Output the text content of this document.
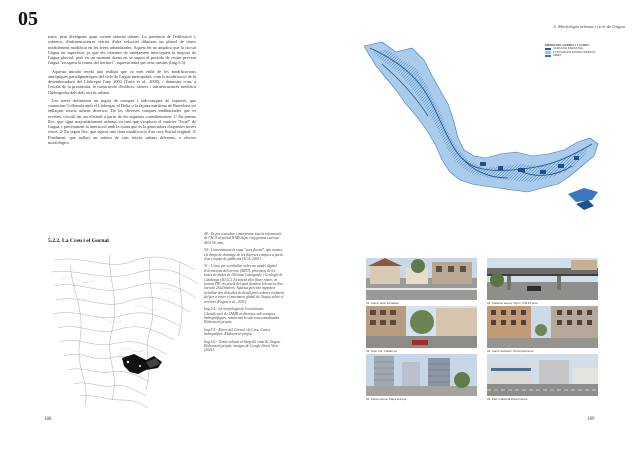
05	5. Morfologia urbana i cicle de l'aigua

tuara, però divergents quan creuen entorns urbans. La presència de l'edificació i, sobretot, d'infraestructures viàries d'alta velocitat dibuixen un planol de rieres notablement modificat en les àrees urbanitzades. Aquest fet no amplica que la circuit l'aigua en superficie, ja que els sistemes de sanejament intercepten la majoria de l'aigua pluvial, però en un moment donat en se supon el període de retorn prevent l'aigua "recupera la forma del territori", aquesta anirà per seus camins (Img.5.3).

Aquesta mirada revela una realitat que va més enllà de les modificacions antròpiques paradigmàtiques del cicle de l'aigua metropolità, com la modificació de la desembocadura del Llobregat l'any 2004 (Torra et al., 2008), i demostra com, a l'escala de la proximitat, la construcció d'edificis, carrers i infraestructures modifica l'hidrografia dels dels teixits urbans.

Les rieres defineixen un seguit de conques i sub-conques de captació, que connecten Collserola amb el Llobregat, el Delta o la façana marítima de Barcelona tot enllaçant teixits urbans diversos. De les diverses conques endibuixades que es revelen, s'escull un cas d'estudi a partir de les següents consideracions: 1/ En primer lloc, que sigui majoritàriament urbana, en tant que s'exploris el caràcter "local" de l'aigua, i precisament la interacció amb la ciutat que és la generadora d'aquestes noves rieres. 2/ En segon lloc, que suposi una clara modificació d'un curs fluvial original. 3/ Finalment, que enllaci un mínim de cinc teixits urbans diferents, a efectes morfològics.

5.2.2. La Creu i el Gornal

49.- Es pot consultar i interpretar tota la informació de l'ACA al portal WMS https://sig.gencat.cat/ows/ AIGUA/ wms

50.- Concretament la capa "cors fluvial", que mostra els draps de drenatge de les diverses conques a partir d'un conjunt de publicats (ACA, 2001).

51.- L'eina per a treballar sobre un model digital d'elevacions del terreny (MDT), provinent de les bases de dades de l'Institut Cartogràfic i Geològic de Catalunya (ICGC). Es tracta d'un fitxer ràster, en format TIF, els píxels del qual denoten l'elevació d'un àrea de 25x25metres. Aquesta precisió impedeix treballar des d'escales de detall però sobreix realment del per a veure el moviment global de l'aigua sobre el territori (Fagua et al., 2011).

Img.5.4.- La morfologia de l'escolament. Classificació de l'AMB en diversos sub-conques hidrogràfiques, remarcant la sub-conca analitzada. Elaboració pròpia.

Img.5.5.- Rieres del Gornal i la Creu. Conca hidrogràfica. Elaboració pròpia.

Img.5.6.- Teixits urbans al llarg del camí de l'aigua. Elaboració pròpia, imatges de Google Street View (2021).

188	189
RIERES DEL GORNAL I LA CREU
XARXA DE DRENATGE
TOPOGRAFIA INTERCONNEXIÓ
ÀMBIT
01. Carrer antic Fontaleta	02. Viaducte elevat, Vigor i C/B-10 area
03. Gran Via, Catalunya	04. Cantó Salvador, Perpinyà/Carrer
05. Ciutat oberta, Plaça Europa	06. Parc industrial Zona Franca
